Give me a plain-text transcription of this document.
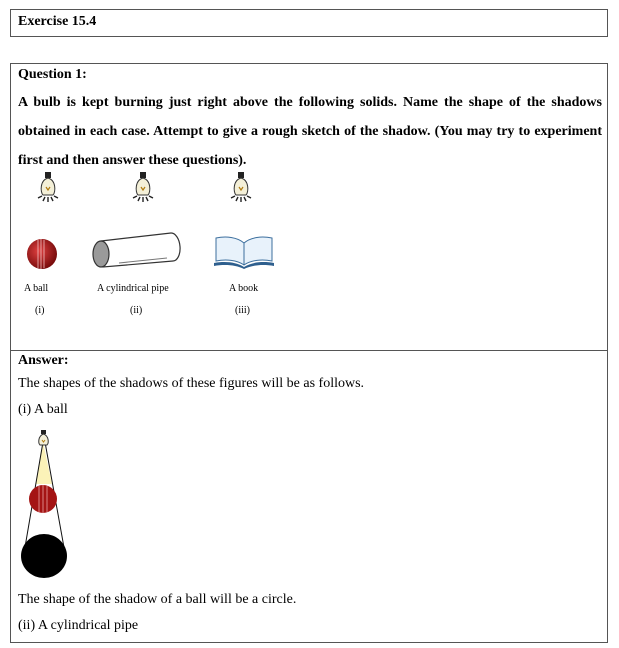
Exercise 15.4
Question 1:
A bulb is kept burning just right above the following solids. Name the shape of the shadows obtained in each case. Attempt to give a rough sketch of the shadow. (You may try to experiment first and then answer these questions).
A ball
(i)
A cylindrical pipe
(ii)
A book
(iii)
Answer:
The shapes of the shadows of these figures will be as follows.
(i) A ball
The shape of the shadow of a ball will be a circle.
(ii) A cylindrical pipe
